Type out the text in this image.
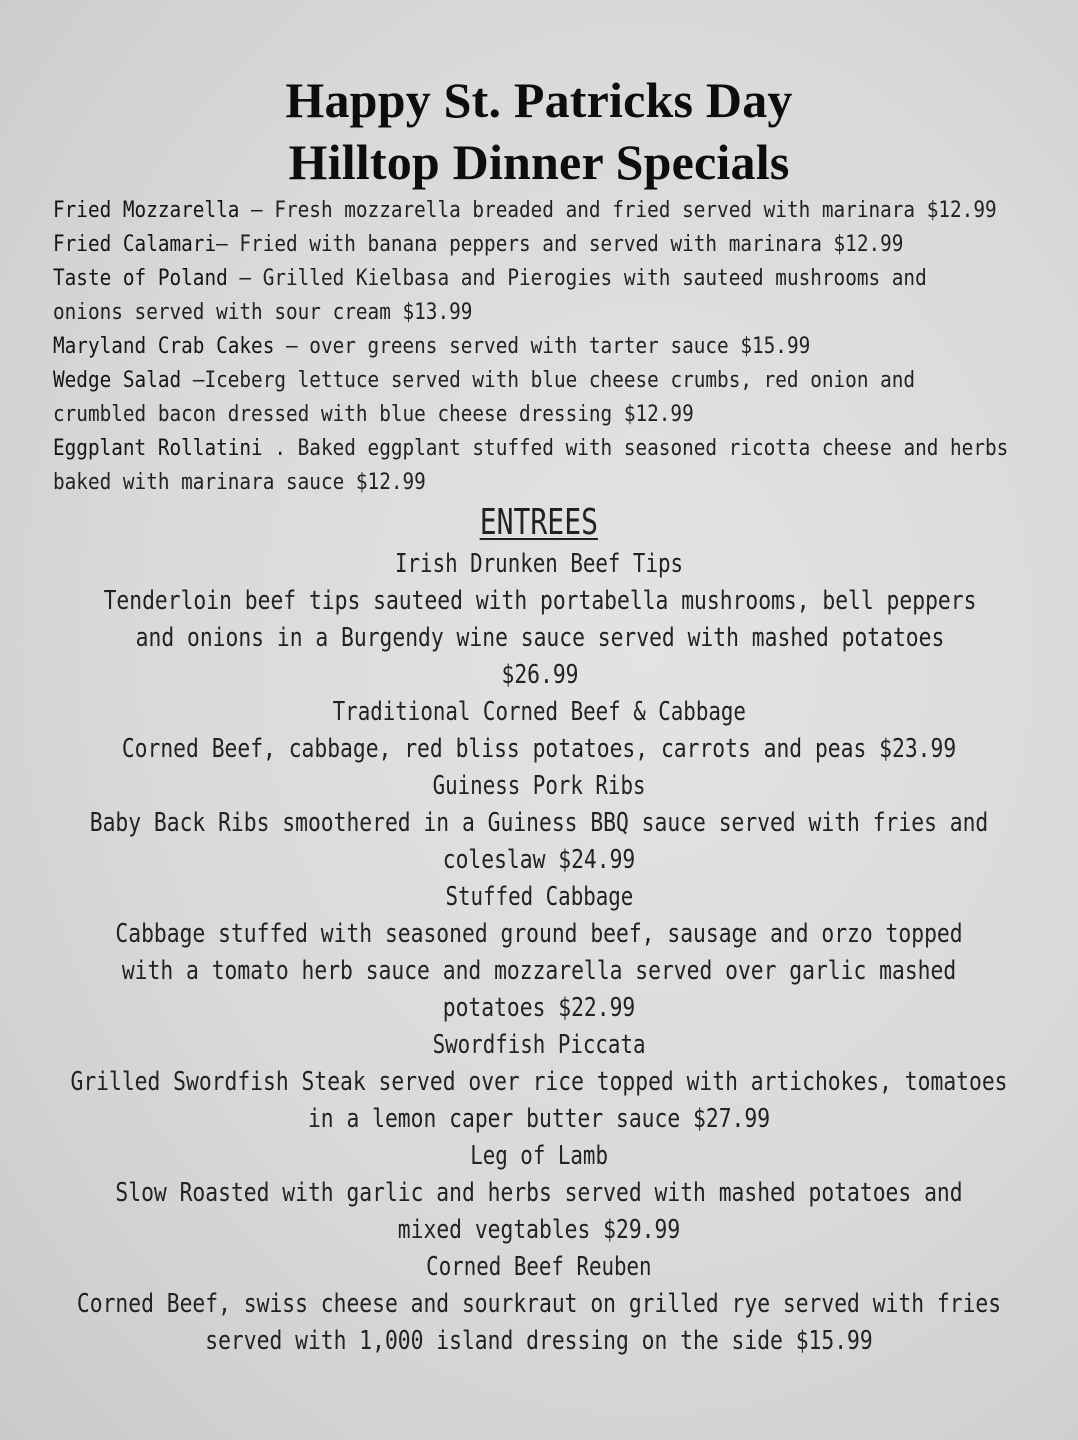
Happy St. Patricks Day
Hilltop Dinner Specials

Fried Mozzarella – Fresh mozzarella breaded and fried served with marinara $12.99

Fried Calamari– Fried with banana peppers and served with marinara $12.99

Taste of Poland – Grilled Kielbasa and Pierogies with sauteed mushrooms and onions served with sour cream $13.99

Maryland Crab Cakes – over greens served with tarter sauce $15.99

Wedge Salad –Iceberg lettuce served with blue cheese crumbs, red onion and crumbled bacon dressed with blue cheese dressing $12.99

Eggplant Rollatini . Baked eggplant stuffed with seasoned ricotta cheese and herbs baked with marinara sauce $12.99

ENTREES
Irish Drunken Beef Tips
Tenderloin beef tips sauteed with portabella mushrooms, bell peppers and onions in a Burgendy wine sauce served with mashed potatoes $26.99
Traditional Corned Beef & Cabbage
Corned Beef, cabbage, red bliss potatoes, carrots and peas $23.99
Guiness Pork Ribs
Baby Back Ribs smoothered in a Guiness BBQ sauce served with fries and coleslaw $24.99
Stuffed Cabbage
Cabbage stuffed with seasoned ground beef, sausage and orzo topped with a tomato herb sauce and mozzarella served over garlic mashed potatoes $22.99
Swordfish Piccata
Grilled Swordfish Steak served over rice topped with artichokes, tomatoes in a lemon caper butter sauce $27.99
Leg of Lamb
Slow Roasted with garlic and herbs served with mashed potatoes and mixed vegtables $29.99
Corned Beef Reuben
Corned Beef, swiss cheese and sourkraut on grilled rye served with fries served with 1,000 island dressing on the side $15.99
